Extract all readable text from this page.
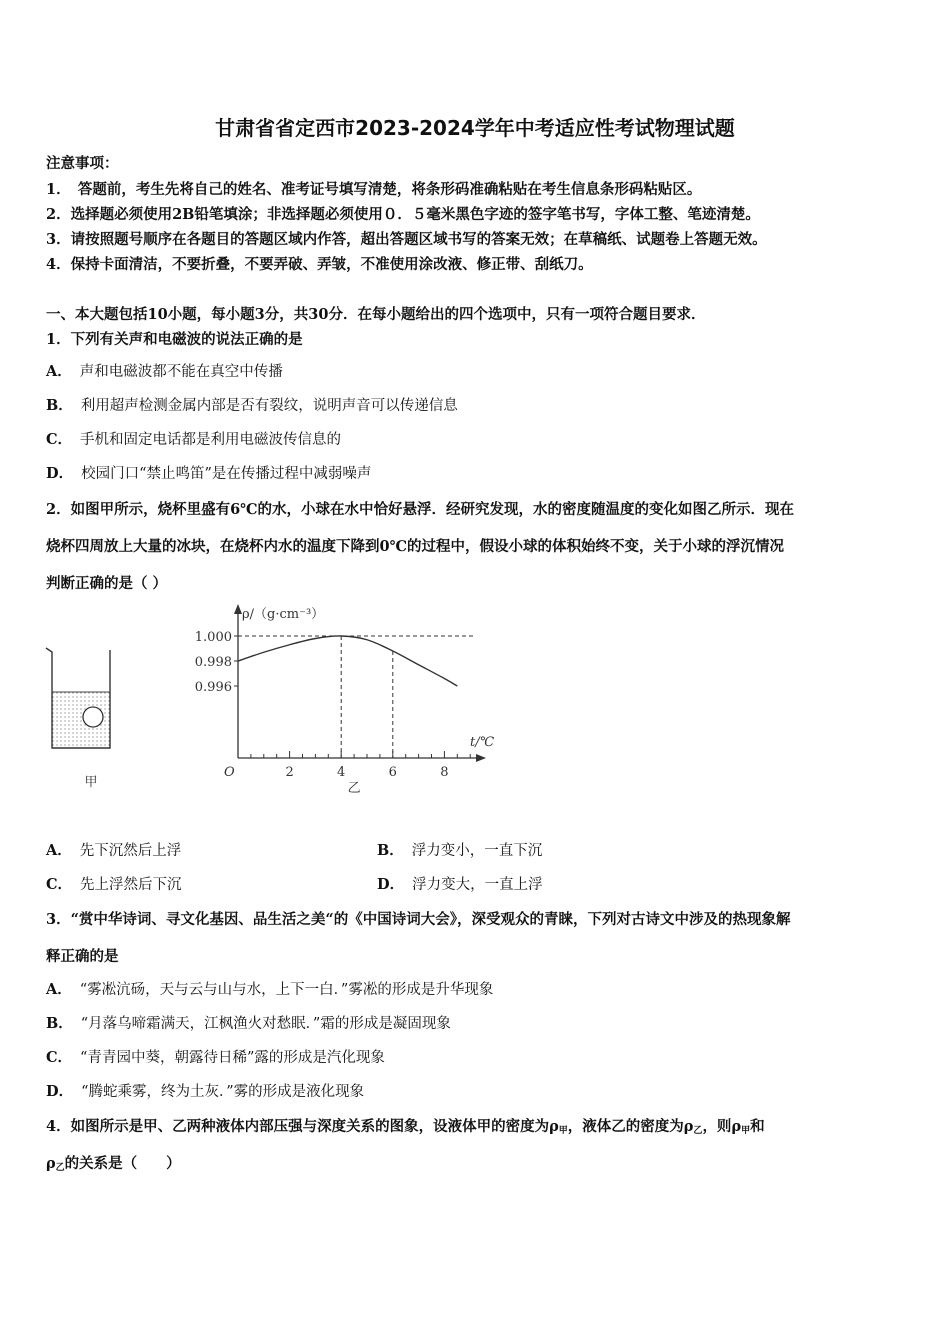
甘肃省省定西市2023-2024学年中考适应性考试物理试题
注意事项：
1．　答题前，考生先将自己的姓名、准考证号填写清楚，将条形码准确粘贴在考生信息条形码粘贴区。
2．选择题必须使用2B铅笔填涂；非选择题必须使用０．５毫米黑色字迹的签字笔书写，字体工整、笔迹清楚。
3．请按照题号顺序在各题目的答题区域内作答，超出答题区域书写的答案无效；在草稿纸、试题卷上答题无效。
4．保持卡面清洁，不要折叠，不要弄破、弄皱，不准使用涂改液、修正带、刮纸刀。
一、本大题包括10小题，每小题3分，共30分．在每小题给出的四个选项中，只有一项符合题目要求．
1．下列有关声和电磁波的说法正确的是
A． 声和电磁波都不能在真空中传播
B． 利用超声检测金属内部是否有裂纹，说明声音可以传递信息
C． 手机和固定电话都是利用电磁波传信息的
D． 校园门口“禁止鸣笛”是在传播过程中减弱噪声
2．如图甲所示，烧杯里盛有6℃的水，小球在水中恰好悬浮．经研究发现，水的密度随温度的变化如图乙所示．现在
烧杯四周放上大量的冰块，在烧杯内水的温度下降到0℃的过程中，假设小球的体积始终不变，关于小球的浮沉情况
判断正确的是（ ）
甲
1.000
0.998
0.996
2	4	6	8
ρ/（g·cm⁻³）
t/℃
O
乙
A． 先下沉然后上浮	B． 浮力变小，一直下沉
C． 先上浮然后下沉	D． 浮力变大，一直上浮
3．“赏中华诗词、寻文化基因、品生活之美“的《中国诗词大会》，深受观众的青睐，下列对古诗文中涉及的热现象解
释正确的是
A． “雾凇沆砀，天与云与山与水，上下一白．”雾凇的形成是升华现象
B． “月落乌啼霜满天，江枫渔火对愁眠．”霜的形成是凝固现象
C． “青青园中葵，朝露待日稀”露的形成是汽化现象
D． “腾蛇乘雾，终为土灰．”雾的形成是液化现象
4．如图所示是甲、乙两种液体内部压强与深度关系的图象，设液体甲的密度为$\rho_甲$，液体乙的密度为$\rho_乙$，则$\rho_甲$和
$\rho_乙$的关系是（　　）
